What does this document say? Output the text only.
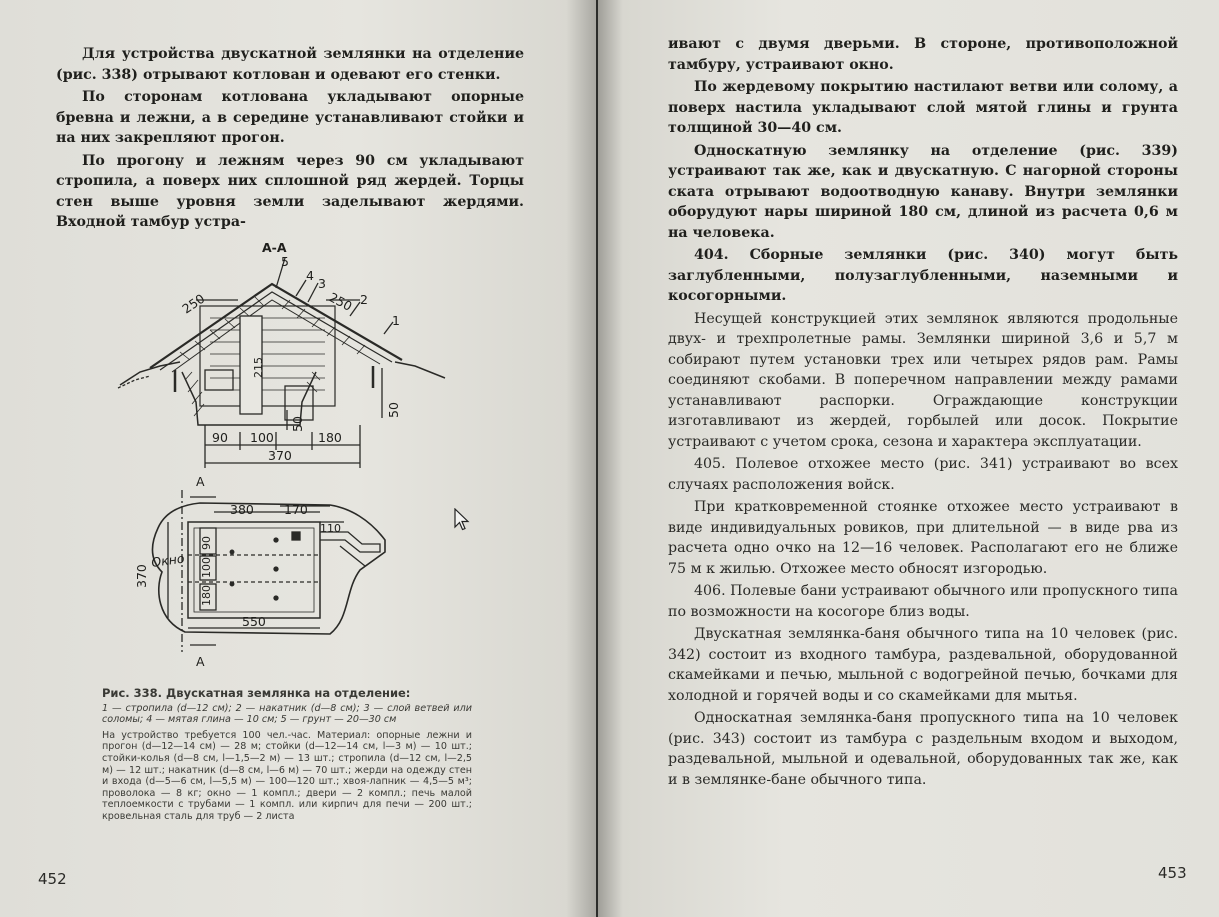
Для устройства двускатной землянки на отделение (рис. 338) отрывают котлован и одевают его стенки.

По сторонам котлована укладывают опорные бревна и лежни, а в середине устанавливают стойки и на них закрепляют прогон.

По прогону и лежням через 90 см укладывают стропила, а поверх них сплошной ряд жердей. Торцы стен выше уровня земли заделывают жердями. Входной тамбур устра-

А-А
5
4
3
250	250 2
1
215
50
50
90 100	180
370
А
А
380 170
110
90
100
180
370
550
Окно

Рис. 338. Двускатная землянка на отделение:

1 — стропила (d—12 см); 2 — накатник (d—8 см); 3 — слой ветвей или соломы; 4 — мятая глина — 10 см; 5 — грунт — 20—30 см

На устройство требуется 100 чел.-час. Материал: опорные лежни и прогон (d—12—14 см) — 28 м; стойки (d—12—14 см, l—3 м) — 10 шт.; стойки-колья (d—8 см, l—1,5—2 м) — 13 шт.; стропила (d—12 см, l—2,5 м) — 12 шт.; накатник (d—8 см, l—6 м) — 70 шт.; жерди на одежду стен и входа (d—5—6 см, l—5,5 м) — 100—120 шт.; хвоя-лапник — 4,5—5 м³; проволока — 8 кг; окно — 1 компл.; двери — 2 компл.; печь малой теплоемкости с трубами — 1 компл. или кирпич для печи — 200 шт.; кровельная сталь для труб — 2 листа

452

ивают с двумя дверьми. В стороне, противоположной тамбуру, устраивают окно.

По жердевому покрытию настилают ветви или солому, а поверх настила укладывают слой мятой глины и грунта толщиной 30—40 см.

Односкатную землянку на отделение (рис. 339) устраивают так же, как и двускатную. С нагорной стороны ската отрывают водоотводную канаву. Внутри землянки оборудуют нары шириной 180 см, длиной из расчета 0,6 м на человека.

404. Сборные землянки (рис. 340) могут быть заглубленными, полузаглубленными, наземными и косогорными.

Несущей конструкцией этих землянок являются продольные двух- и трехпролетные рамы. Землянки шириной 3,6 и 5,7 м собирают путем установки трех или четырех рядов рам. Рамы соединяют скобами. В поперечном направлении между рамами устанавливают распорки. Ограждающие конструкции изготавливают из жердей, горбылей или досок. Покрытие устраивают с учетом срока, сезона и характера эксплуатации.

405. Полевое отхожее место (рис. 341) устраивают во всех случаях расположения войск.

При кратковременной стоянке отхожее место устраивают в виде индивидуальных ровиков, при длительной — в виде рва из расчета одно очко на 12—16 человек. Располагают его не ближе 75 м к жилью. Отхожее место обносят изгородью.

406. Полевые бани устраивают обычного или пропускного типа по возможности на косогоре близ воды.

Двускатная землянка-баня обычного типа на 10 человек (рис. 342) состоит из входного тамбура, раздевальной, оборудованной скамейками и печью, мыльной с водогрейной печью, бочками для холодной и горячей воды и со скамейками для мытья.

Односкатная землянка-баня пропускного типа на 10 человек (рис. 343) состоит из тамбура с раздельным входом и выходом, раздевальной, мыльной и одевальной, оборудованных так же, как и в землянке-бане обычного типа.

453
